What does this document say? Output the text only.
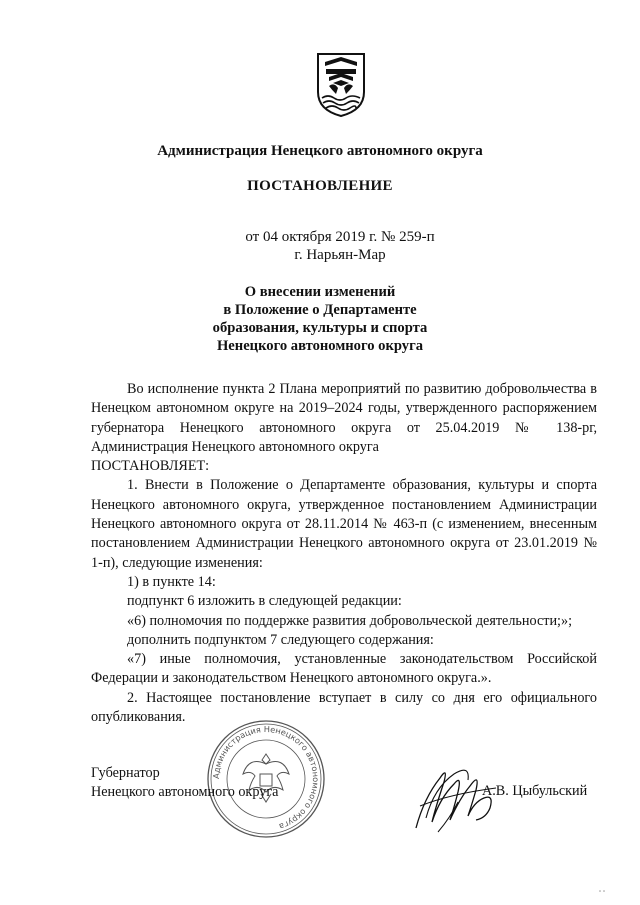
Администрация Ненецкого автономного округа
ПОСТАНОВЛЕНИЕ
от 04 октября 2019 г. № 259-п
г. Нарьян-Мар
О внесении изменений
в Положение о Департаменте
образования, культуры и спорта
Ненецкого автономного округа

Во исполнение пункта 2 Плана мероприятий по развитию добровольчества в Ненецком автономном округе на 2019–2024 годы, утвержденного распоряжением губернатора Ненецкого автономного округа от 25.04.2019 № 138-рг, Администрация Ненецкого автономного округа

ПОСТАНОВЛЯЕТ:

1. Внести в Положение о Департаменте образования, культуры и спорта Ненецкого автономного округа, утвержденное постановлением Администрации Ненецкого автономного округа от 28.11.2014 № 463-п (с изменением, внесенным постановлением Администрации Ненецкого автономного округа от 23.01.2019 № 1-п), следующие изменения:

1) в пункте 14:

подпункт 6 изложить в следующей редакции:

«6) полномочия по поддержке развития добровольческой деятельности;»;

дополнить подпунктом 7 следующего содержания:

«7) иные полномочия, установленные законодательством Российской Федерации и законодательством Ненецкого автономного округа.».

2. Настоящее постановление вступает в силу со дня его официального опубликования.

Администрация Ненецкого автономного округа
Губернатор
Ненецкого автономного округа	А.В. Цыбульский
